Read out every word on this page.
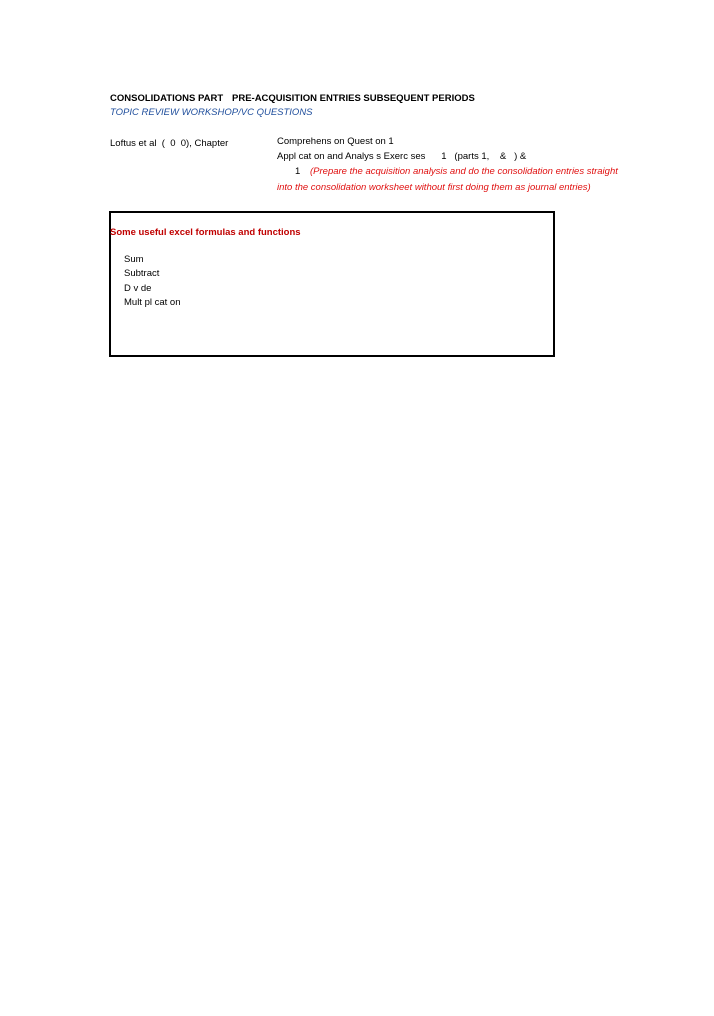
CONSOLIDATIONS PART PRE-ACQUISITION ENTRIES SUBSEQUENT PERIODS
TOPIC REVIEW WORKSHOP/VC QUESTIONS
Loftus et al  (  0  0), Chapter	Comprehens on Quest on 1
Appl cat on and Analys s Exerc ses      1   (parts 1,    &   ) &
1 (Prepare the acquisition analysis and do the consolidation entries straight
into the consolidation worksheet without first doing them as journal entries)
Some useful excel formulas and functions
Sum
Subtract
D v de
Mult pl cat on
